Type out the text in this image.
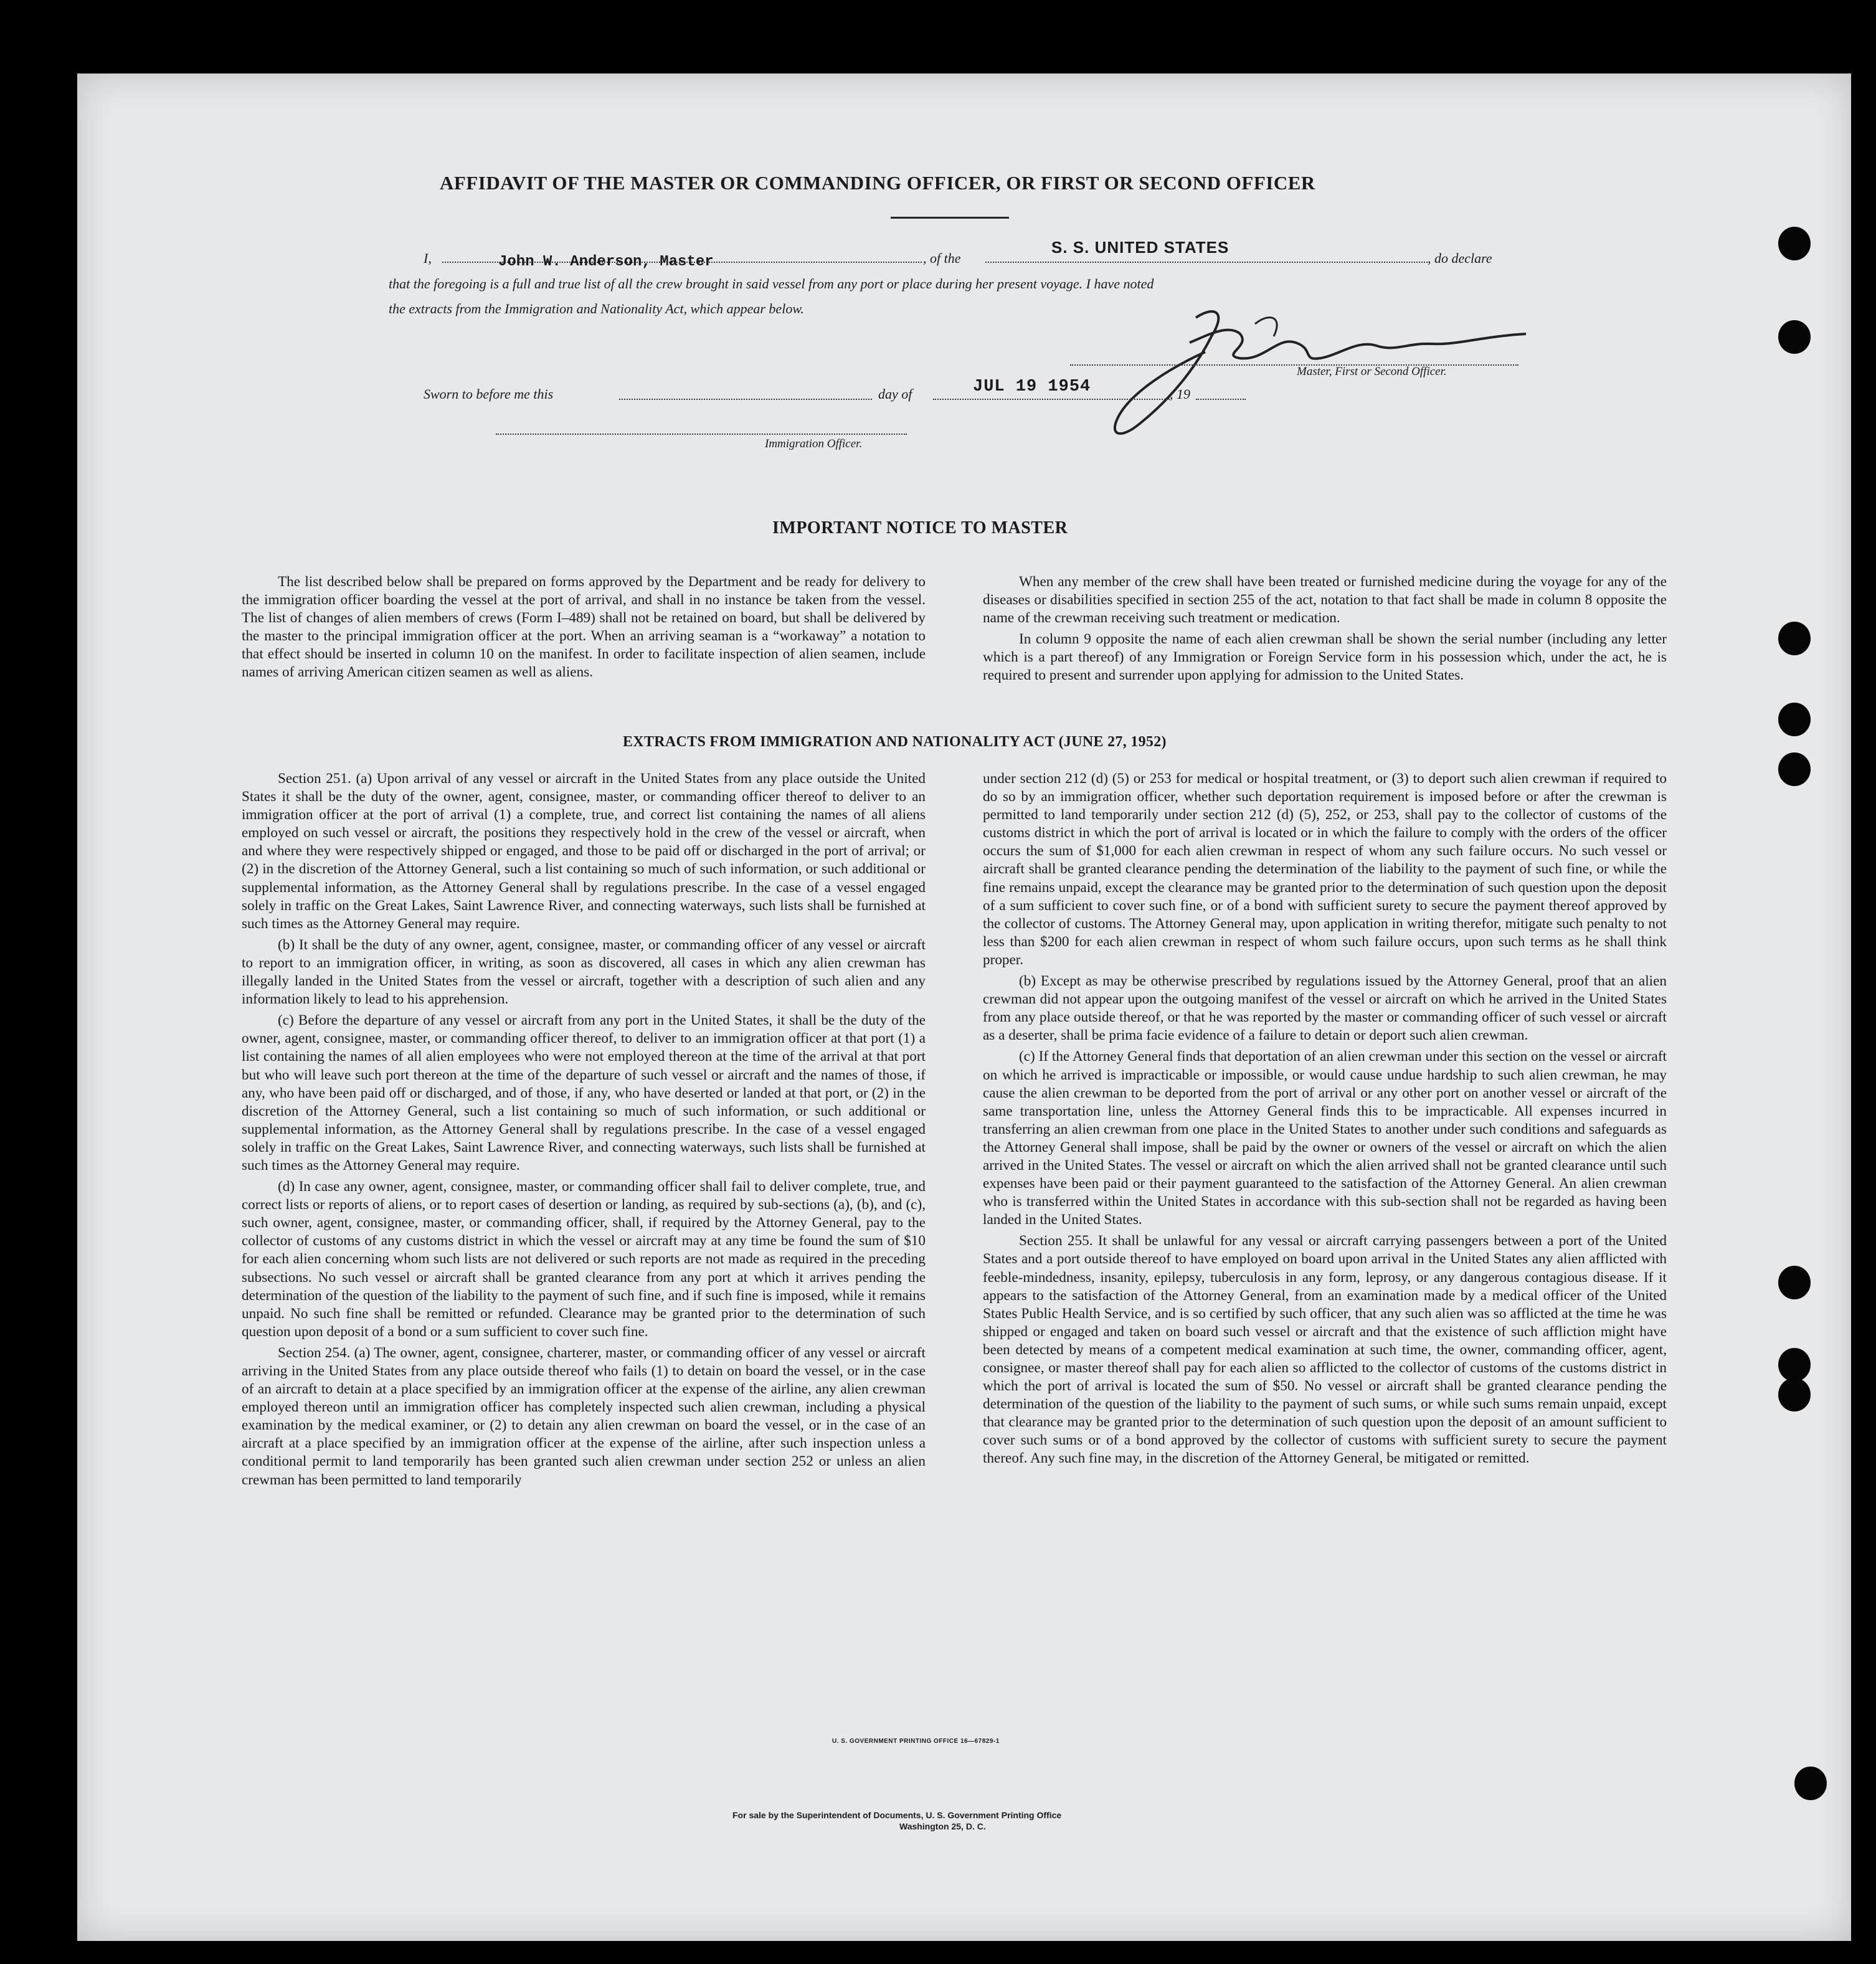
AFFIDAVIT OF THE MASTER OR COMMANDING OFFICER, OR FIRST OR SECOND OFFICER
I,	John W. Anderson, Master	, of the
S. S. UNITED STATES
, do declare
that the foregoing is a full and true list of all the crew brought in said vessel from any port or place during her present voyage. I have noted
the extracts from the Immigration and Nationality Act, which appear below.
Master, First or Second Officer.
Sworn to before me this	day of	JUL 19 1954	, 19
Immigration Officer.
IMPORTANT NOTICE TO MASTER

The list described below shall be prepared on forms approved by the Department and be ready for delivery to the immigration officer boarding the vessel at the port of arrival, and shall in no instance be taken from the vessel. The list of changes of alien members of crews (Form I–489) shall not be retained on board, but shall be delivered by the master to the principal immigration officer at the port. When an arriving seaman is a “workaway” a notation to that effect should be inserted in column 10 on the manifest. In order to facilitate inspection of alien seamen, include names of arriving American citizen seamen as well as aliens.

When any member of the crew shall have been treated or furnished medicine during the voyage for any of the diseases or disabilities specified in section 255 of the act, notation to that fact shall be made in column 8 opposite the name of the crewman receiving such treatment or medication.

In column 9 opposite the name of each alien crewman shall be shown the serial number (including any letter which is a part thereof) of any Immigration or Foreign Service form in his possession which, under the act, he is required to present and surrender upon applying for admission to the United States.

EXTRACTS FROM IMMIGRATION AND NATIONALITY ACT (JUNE 27, 1952)

Section 251. (a) Upon arrival of any vessel or aircraft in the United States from any place outside the United States it shall be the duty of the owner, agent, consignee, master, or commanding officer thereof to deliver to an immigration officer at the port of arrival (1) a complete, true, and correct list containing the names of all aliens employed on such vessel or aircraft, the positions they respectively hold in the crew of the vessel or aircraft, when and where they were respectively shipped or engaged, and those to be paid off or discharged in the port of arrival; or (2) in the discretion of the Attorney General, such a list containing so much of such information, or such additional or supplemental information, as the Attorney General shall by regulations prescribe. In the case of a vessel engaged solely in traffic on the Great Lakes, Saint Lawrence River, and connecting waterways, such lists shall be furnished at such times as the Attorney General may require.

(b) It shall be the duty of any owner, agent, consignee, master, or commanding officer of any vessel or aircraft to report to an immigration officer, in writing, as soon as discovered, all cases in which any alien crewman has illegally landed in the United States from the vessel or aircraft, together with a description of such alien and any information likely to lead to his apprehension.

(c) Before the departure of any vessel or aircraft from any port in the United States, it shall be the duty of the owner, agent, consignee, master, or commanding officer thereof, to deliver to an immigration officer at that port (1) a list containing the names of all alien employees who were not employed thereon at the time of the arrival at that port but who will leave such port thereon at the time of the departure of such vessel or aircraft and the names of those, if any, who have been paid off or discharged, and of those, if any, who have deserted or landed at that port, or (2) in the discretion of the Attorney General, such a list containing so much of such information, or such additional or supplemental information, as the Attorney General shall by regulations prescribe. In the case of a vessel engaged solely in traffic on the Great Lakes, Saint Lawrence River, and connecting waterways, such lists shall be furnished at such times as the Attorney General may require.

(d) In case any owner, agent, consignee, master, or commanding officer shall fail to deliver complete, true, and correct lists or reports of aliens, or to report cases of desertion or landing, as required by sub-sections (a), (b), and (c), such owner, agent, consignee, master, or commanding officer, shall, if required by the Attorney General, pay to the collector of customs of any customs district in which the vessel or aircraft may at any time be found the sum of $10 for each alien concerning whom such lists are not delivered or such reports are not made as required in the preceding subsections. No such vessel or aircraft shall be granted clearance from any port at which it arrives pending the determination of the question of the liability to the payment of such fine, and if such fine is imposed, while it remains unpaid. No such fine shall be remitted or refunded. Clearance may be granted prior to the determination of such question upon deposit of a bond or a sum sufficient to cover such fine.

Section 254. (a) The owner, agent, consignee, charterer, master, or commanding officer of any vessel or aircraft arriving in the United States from any place outside thereof who fails (1) to detain on board the vessel, or in the case of an aircraft to detain at a place specified by an immigration officer at the expense of the airline, any alien crewman employed thereon until an immigration officer has completely inspected such alien crewman, including a physical examination by the medical examiner, or (2) to detain any alien crewman on board the vessel, or in the case of an aircraft at a place specified by an immigration officer at the expense of the airline, after such inspection unless a conditional permit to land temporarily has been granted such alien crewman under section 252 or unless an alien crewman has been permitted to land temporarily

under section 212 (d) (5) or 253 for medical or hospital treatment, or (3) to deport such alien crewman if required to do so by an immigration officer, whether such deportation requirement is imposed before or after the crewman is permitted to land temporarily under section 212 (d) (5), 252, or 253, shall pay to the collector of customs of the customs district in which the port of arrival is located or in which the failure to comply with the orders of the officer occurs the sum of $1,000 for each alien crewman in respect of whom any such failure occurs. No such vessel or aircraft shall be granted clearance pending the determination of the liability to the payment of such fine, or while the fine remains unpaid, except the clearance may be granted prior to the determination of such question upon the deposit of a sum sufficient to cover such fine, or of a bond with sufficient surety to secure the payment thereof approved by the collector of customs. The Attorney General may, upon application in writing therefor, mitigate such penalty to not less than $200 for each alien crewman in respect of whom such failure occurs, upon such terms as he shall think proper.

(b) Except as may be otherwise prescribed by regulations issued by the Attorney General, proof that an alien crewman did not appear upon the outgoing manifest of the vessel or aircraft on which he arrived in the United States from any place outside thereof, or that he was reported by the master or commanding officer of such vessel or aircraft as a deserter, shall be prima facie evidence of a failure to detain or deport such alien crewman.

(c) If the Attorney General finds that deportation of an alien crewman under this section on the vessel or aircraft on which he arrived is impracticable or impossible, or would cause undue hardship to such alien crewman, he may cause the alien crewman to be deported from the port of arrival or any other port on another vessel or aircraft of the same transportation line, unless the Attorney General finds this to be impracticable. All expenses incurred in transferring an alien crewman from one place in the United States to another under such conditions and safeguards as the Attorney General shall impose, shall be paid by the owner or owners of the vessel or aircraft on which the alien arrived in the United States. The vessel or aircraft on which the alien arrived shall not be granted clearance until such expenses have been paid or their payment guaranteed to the satisfaction of the Attorney General. An alien crewman who is transferred within the United States in accordance with this sub-section shall not be regarded as having been landed in the United States.

Section 255. It shall be unlawful for any vessal or aircraft carrying passengers between a port of the United States and a port outside thereof to have employed on board upon arrival in the United States any alien afflicted with feeble-mindedness, insanity, epilepsy, tuberculosis in any form, leprosy, or any dangerous contagious disease. If it appears to the satisfaction of the Attorney General, from an examination made by a medical officer of the United States Public Health Service, and is so certified by such officer, that any such alien was so afflicted at the time he was shipped or engaged and taken on board such vessel or aircraft and that the existence of such affliction might have been detected by means of a competent medical examination at such time, the owner, commanding officer, agent, consignee, or master thereof shall pay for each alien so afflicted to the collector of customs of the customs district in which the port of arrival is located the sum of $50. No vessel or aircraft shall be granted clearance pending the determination of the question of the liability to the payment of such sums, or while such sums remain unpaid, except that clearance may be granted prior to the determination of such question upon the deposit of an amount sufficient to cover such sums or of a bond approved by the collector of customs with sufficient surety to secure the payment thereof. Any such fine may, in the discretion of the Attorney General, be mitigated or remitted.

U. S. GOVERNMENT PRINTING OFFICE 16—67829-1
For sale by the Superintendent of Documents, U. S. Government Printing Office
Washington 25, D. C.
